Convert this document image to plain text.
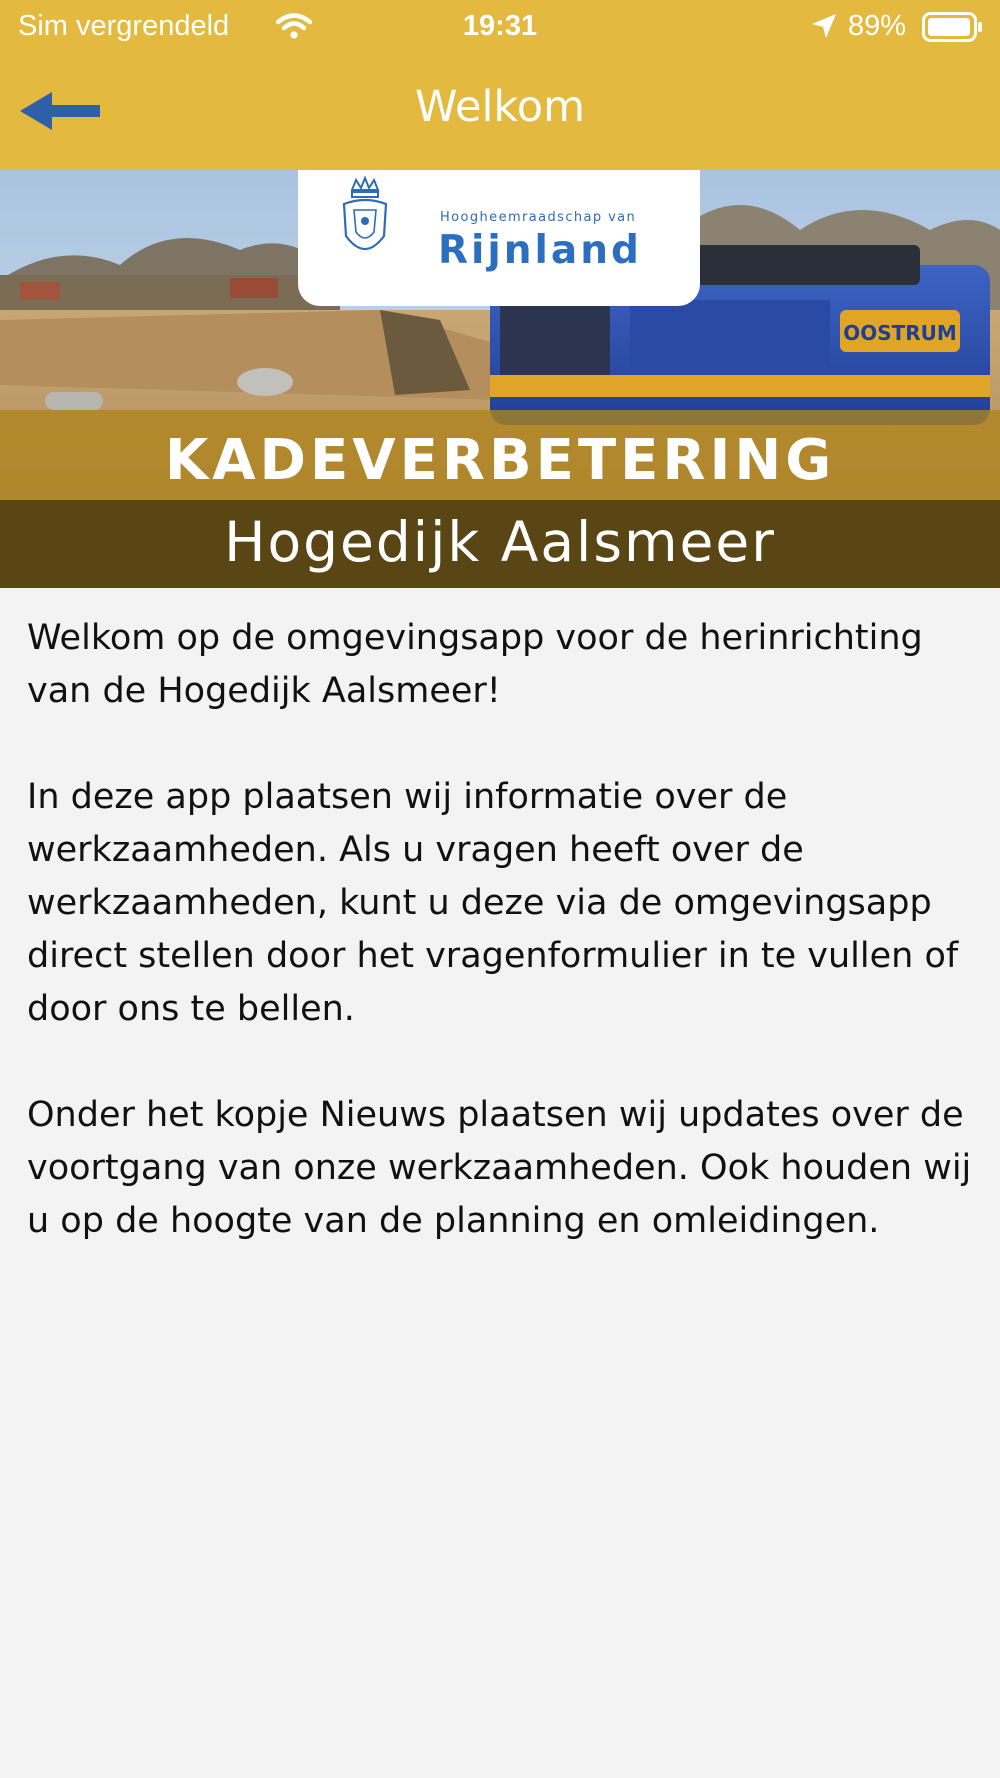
Sim vergrendeld	19:31	89%
Welkom
OOSTRUM
Hoogheemraadschap van
Rijnland
KADEVERBETERING
Hogedijk Aalsmeer

Welkom op de omgevingsapp voor de herinrichting van de Hogedijk Aalsmeer!

In deze app plaatsen wij informatie over de werkzaamheden. Als u vragen heeft over de werkzaamheden, kunt u deze via de omgevingsapp direct stellen door het vragenformulier in te vullen of door ons te bellen.

Onder het kopje Nieuws plaatsen wij updates over de voortgang van onze werkzaamheden. Ook houden wij u op de hoogte van de planning en omleidingen.
